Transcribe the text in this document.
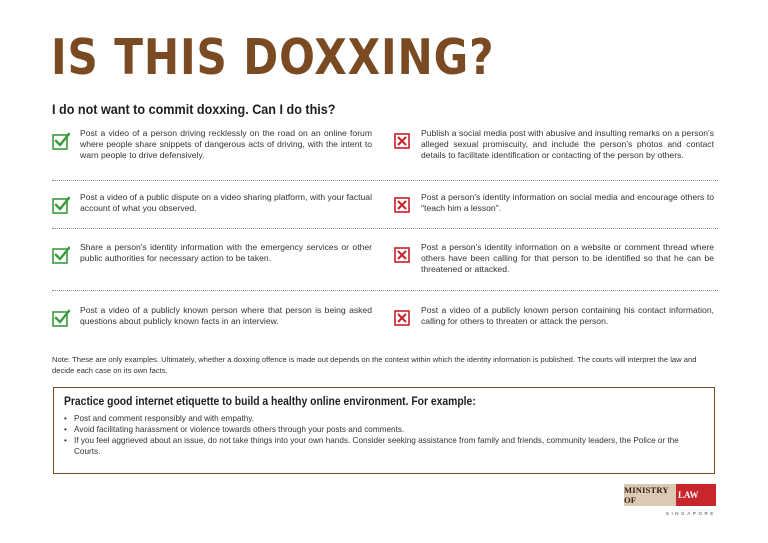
IS THIS DOXXING?
I do not want to commit doxxing. Can I do this?
Post a video of a person driving recklessly on the road on an online forum where people share snippets of dangerous acts of driving, with the intent to warn people to drive defensively.
Publish a social media post with abusive and insulting remarks on a person's alleged sexual promiscuity, and include the person's photos and contact details to facilitate identification or contacting of the person by others.
Post a video of a public dispute on a video sharing platform, with your factual account of what you observed.
Post a person's identity information on social media and encourage others to "teach him a lesson".
Share a person's identity information with the emergency services or other public authorities for necessary action to be taken.
Post a person's identity information on a website or comment thread where others have been calling for that person to be identified so that he can be threatened or attacked.
Post a video of a publicly known person where that person is being asked questions about publicly known facts in an interview.
Post a video of a publicly known person containing his contact information, calling for others to threaten or attack the person.
Note: These are only examples. Ultimately, whether a doxxing offence is made out depends on the context within which the identity information is published. The courts will interpret the law and decide each case on its own facts.
Practice good internet etiquette to build a healthy online environment. For example:
• Post and comment responsibly and with empathy.
• Avoid facilitating harassment or violence towards others through your posts and comments.
• If you feel aggrieved about an issue, do not take things into your own hands. Consider seeking assistance from family and friends, community leaders, the Police or the Courts.
MINISTRY OF	LAW
SINGAPORE
